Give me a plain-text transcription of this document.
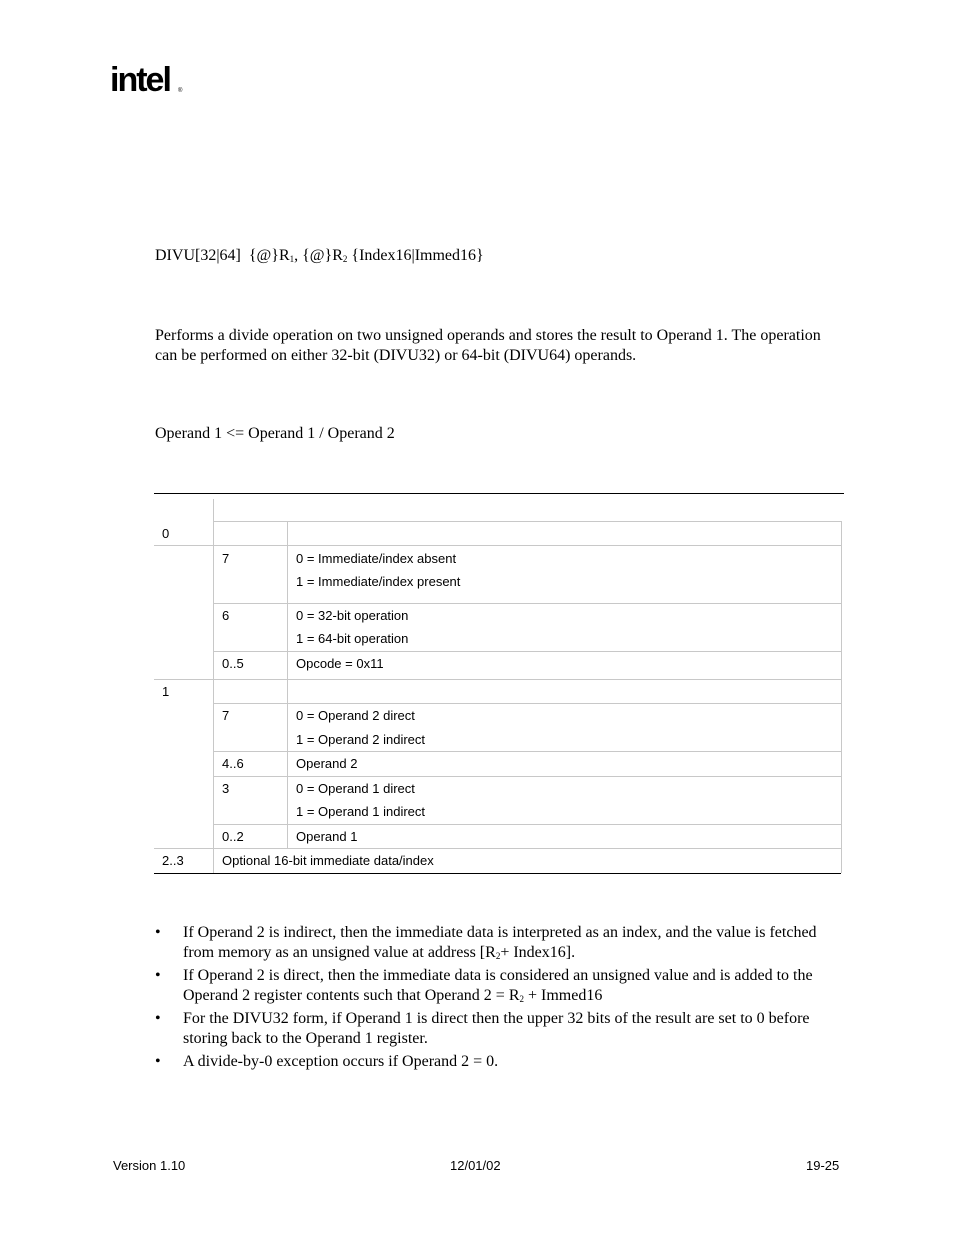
intel ®
DIVU[32|64] $\{@\}R_1$, $\{@\}R_2$ {Index16|Immed16}
Performs a divide operation on two unsigned operands and stores the result to Operand 1. The operation can be performed on either 32-bit (DIVU32) or 64-bit (DIVU64) operands.
Operand 1 <= Operand 1 / Operand 2
0
7	0 = Immediate/index absent
1 = Immediate/index present
6	0 = 32-bit operation
1 = 64-bit operation
0..5	Opcode = 0x11
1
7	0 = Operand 2 direct
1 = Operand 2 indirect
4..6	Operand 2
3	0 = Operand 1 direct
1 = Operand 1 indirect
0..2	Operand 1
2..3	Optional 16-bit immediate data/index
• If Operand 2 is indirect, then the immediate data is interpreted as an index, and the value is fetched from memory as an unsigned value at address [$R_2+$ Index16].
• If Operand 2 is direct, then the immediate data is considered an unsigned value and is added to the Operand 2 register contents such that Operand $2 = R_2$ + Immed16
• For the DIVU32 form, if Operand 1 is direct then the upper 32 bits of the result are set to 0 before storing back to the Operand 1 register.
• A divide-by-0 exception occurs if Operand 2 = 0.
Version 1.10	12/01/02	19-25
